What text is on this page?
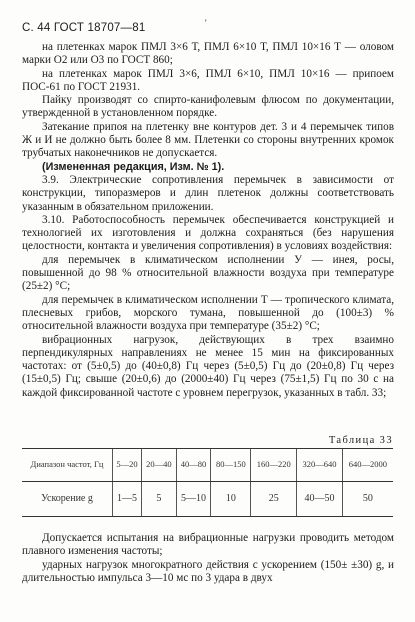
С. 44 ГОСТ 18707—81	'

на плетенках марок ПМЛ 3×6 Т, ПМЛ 6×10 Т, ПМЛ 10×16 Т — оловом марки О2 или О3 по ГОСТ 860;

на плетенках марок ПМЛ 3×6, ПМЛ 6×10, ПМЛ 10×16 — припоем ПОС-61 по ГОСТ 21931.

Пайку производят со спирто-канифолевым флюсом по документации, утвержденной в установленном порядке.

Затекание припоя на плетенку вне контуров дет. 3 и 4 перемычек типов Ж и И не должно быть более 8 мм. Плетенки со стороны внутренних кромок трубчатых наконечников не допускается.

(Измененная редакция, Изм. № 1).

3.9. Электрические сопротивления перемычек в зависимости от конструкции, типоразмеров и длин плетенок должны соответствовать указанным в обязательном приложении.

3.10. Работоспособность перемычек обеспечивается конструкцией и технологией их изготовления и должна сохраняться (без нарушения целостности, контакта и увеличения сопротивления) в условиях воздействия:

для перемычек в климатическом исполнении У — инея, росы, повышенной до 98 % относительной влажности воздуха при температуре (25±2) °С;

для перемычек в климатическом исполнении Т — тропического климата, плесневых грибов, морского тумана, повышенной до (100±3) % относительной влажности воздуха при температуре (35±2) °С;

вибрационных нагрузок, действующих в трех взаимно перпендикулярных направлениях не менее 15 мин на фиксированных частотах: от (5±0,5) до (40±0,8) Гц через (5±0,5) Гц до (20±0,8) Гц через (15±0,5) Гц; свыше (20±0,6) до (2000±40) Гц через (75±1,5) Гц по 30 с на каждой фиксированной частоте с уровнем перегрузок, указанных в табл. 33;

Таблица 33
Диапазон частот, Гц	5—20	20—40	40—80	80—150	160—220	320—640	640—2000
Ускорение g	1—5	5	5—10	10	25	40—50	50

Допускается испытания на вибрационные нагрузки проводить методом плавного изменения частоты;

ударных нагрузок многократного действия с ускорением (150± ±30) g, и длительностью импульса 3—10 мс по 3 удара в двух
